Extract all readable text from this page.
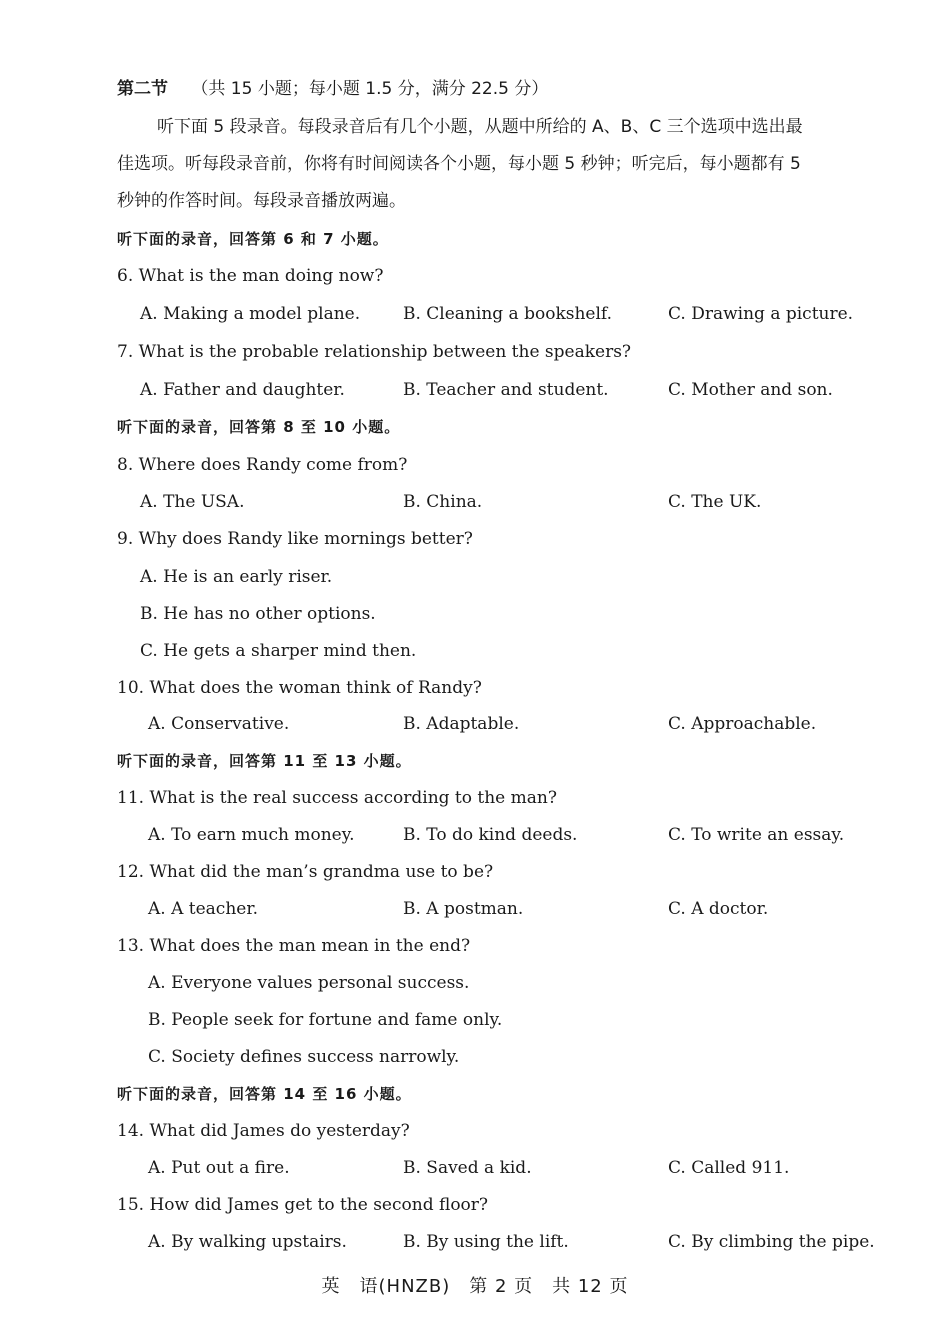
第二节 （共 15 小题；每小题 1.5 分，满分 22.5 分）
听下面 5 段录音。每段录音后有几个小题，从题中所给的 A、B、C 三个选项中选出最
佳选项。听每段录音前，你将有时间阅读各个小题，每小题 5 秒钟；听完后，每小题都有 5
秒钟的作答时间。每段录音播放两遍。
听下面的录音，回答第 6 和 7 小题。
6. What is the man doing now?
A. Making a model plane.	B. Cleaning a bookshelf.	C. Drawing a picture.
7. What is the probable relationship between the speakers?
A. Father and daughter.	B. Teacher and student.	C. Mother and son.
听下面的录音，回答第 8 至 10 小题。
8. Where does Randy come from?
A. The USA.	B. China.	C. The UK.
9. Why does Randy like mornings better?
A. He is an early riser.
B. He has no other options.
C. He gets a sharper mind then.
10. What does the woman think of Randy?
A. Conservative.	B. Adaptable.	C. Approachable.
听下面的录音，回答第 11 至 13 小题。
11. What is the real success according to the man?
A. To earn much money.	B. To do kind deeds.	C. To write an essay.
12. What did the man’s grandma use to be?
A. A teacher.	B. A postman.	C. A doctor.
13. What does the man mean in the end?
A. Everyone values personal success.
B. People seek for fortune and fame only.
C. Society defines success narrowly.
听下面的录音，回答第 14 至 16 小题。
14. What did James do yesterday?
A. Put out a fire.	B. Saved a kid.	C. Called 911.
15. How did James get to the second floor?
A. By walking upstairs.	B. By using the lift.	C. By climbing the pipe.
英　语(HNZB)　第 2 页　共 12 页
